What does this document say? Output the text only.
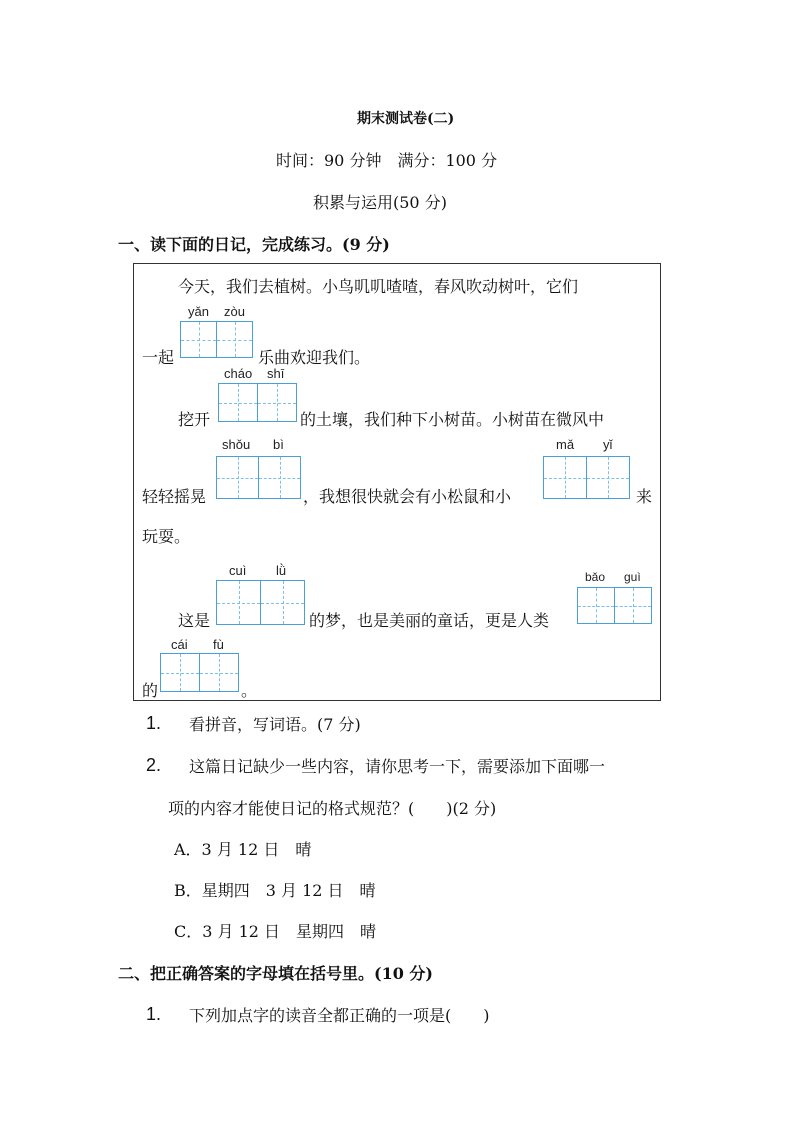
期末测试卷(二)
时间：90 分钟　满分：100 分
积累与运用(50 分)
一、读下面的日记，完成练习。(9 分)
今天，我们去植树。小鸟叽叽喳喳，春风吹动树叶，它们
yǎn zòu
一起	乐曲欢迎我们。
cháo shī
挖开	的土壤，我们种下小树苗。小树苗在微风中
shǒu bì	mǎ yǐ
轻轻摇晃	，我想很快就会有小松鼠和小	来
玩耍。
cuì lǜ	bǎo guì
这是	的梦，也是美丽的童话，更是人类
cái fù
的	。
1. 看拼音，写词语。(7 分)
2. 这篇日记缺少一些内容，请你思考一下，需要添加下面哪一
项的内容才能使日记的格式规范？(　　)(2 分)
A．3 月 12 日　晴
B．星期四　3 月 12 日　晴
C．3 月 12 日　星期四　晴
二、把正确答案的字母填在括号里。(10 分)
1. 下列加点字的读音全都正确的一项是(　　)
